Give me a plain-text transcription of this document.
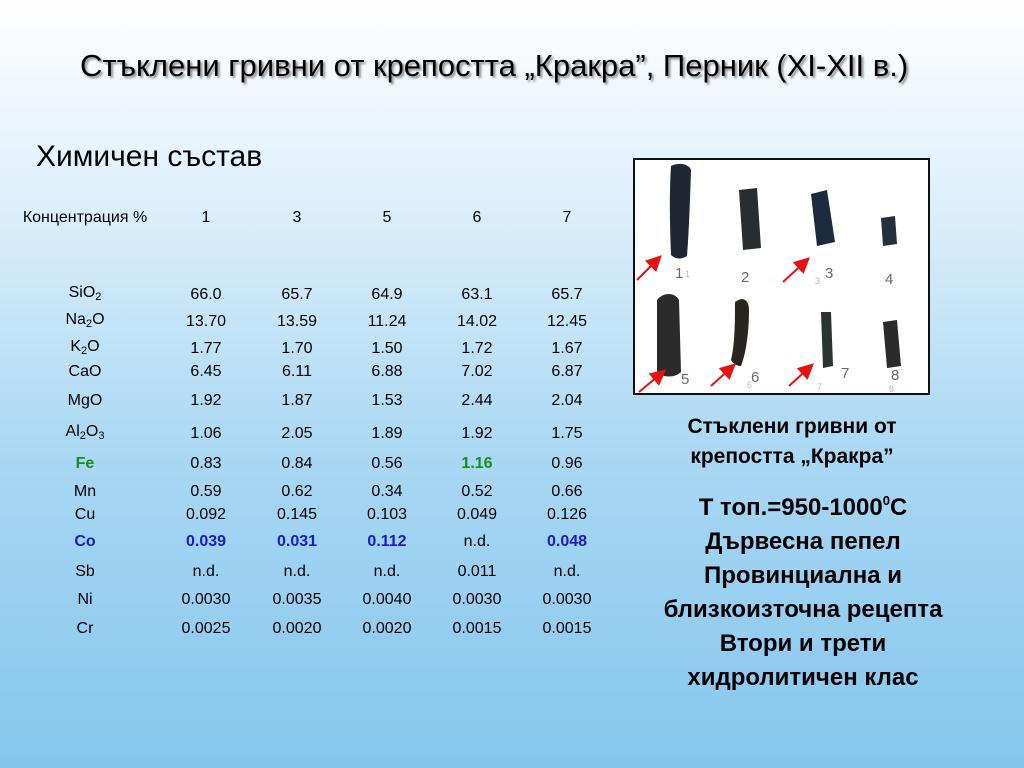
Стъклени гривни от крепостта „Кракра”, Перник (XI-XII в.)
Химичен състав
Концентрация %	1	3	5	6	7

SiO$_2$	66.0	65.7	64.9	63.1	65.7
$Na_2O$	13.70	13.59	11.24	14.02	12.45
$K_2O$	1.77	1.70	1.50	1.72	1.67
CaO	6.45	6.11	6.88	7.02	6.87
MgO	1.92	1.87	1.53	2.44	2.04
$Al_2O_3$	1.06	2.05	1.89	1.92	1.75
Fe	0.83	0.84	0.56	1.16	0.96
Mn	0.59	0.62	0.34	0.52	0.66
Cu	0.092	0.145	0.103	0.049	0.126
Co	0.039	0.031	0.112	n.d.	0.048
Sb	n.d.	n.d.	n.d.	0.011	n.d.
Ni	0.0030	0.0035	0.0040	0.0030	0.0030
Cr	0.0025	0.0020	0.0020	0.0015	0.0015
1	2	3	4
5	6	7	8
1
3
6	7	8
Стъклени гривни от
крепостта „Кракра”
Т $топ.=950-1000^0С$
Дървесна пепел
Провинциална и
близкоизточна рецепта
Втори и трети
хидролитичен клас
